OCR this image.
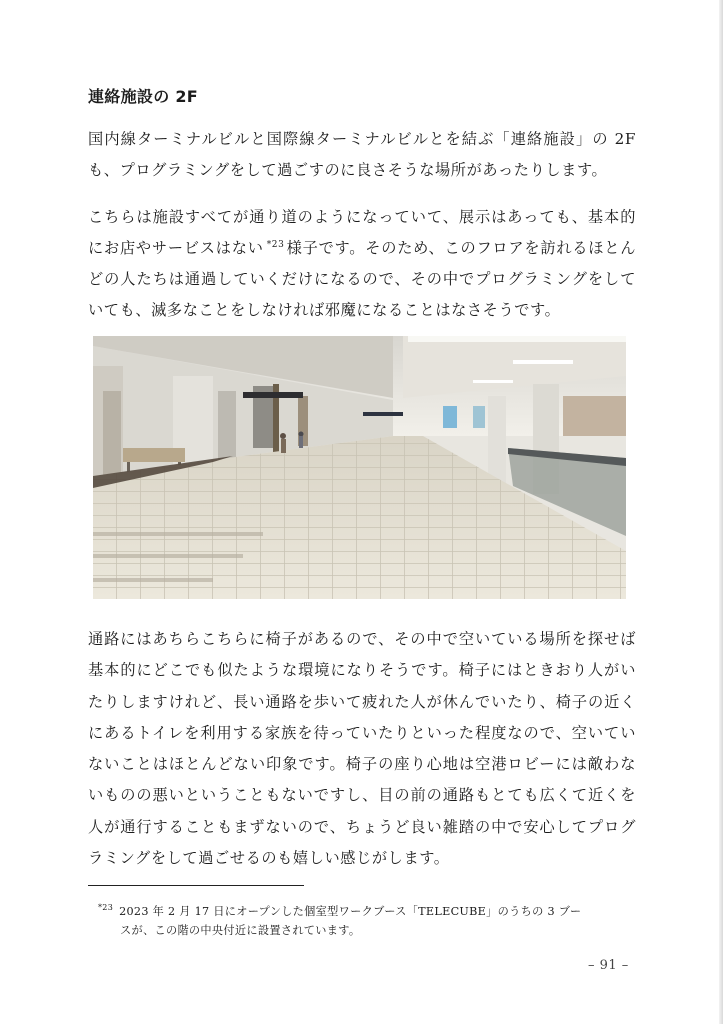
連絡施設の 2F

国内線ターミナルビルと国際線ターミナルビルとを結ぶ「連絡施設」の 2F も、プログラミングをして過ごすのに良さそうな場所があったりします。

こちらは施設すべてが通り道のようになっていて、展示はあっても、基本的にお店やサービスはない $^{*23}$ 様子です。そのため、このフロアを訪れるほとんどの人たちは通過していくだけになるので、その中でプログラミングをしていても、滅多なことをしなければ邪魔になることはなさそうです。

通路にはあちらこちらに椅子があるので、その中で空いている場所を探せば基本的にどこでも似たような環境になりそうです。椅子にはときおり人がいたりしますけれど、長い通路を歩いて疲れた人が休んでいたり、椅子の近くにあるトイレを利用する家族を待っていたりといった程度なので、空いていないことはほとんどない印象です。椅子の座り心地は空港ロビーには敵わないものの悪いということもないですし、目の前の通路もとても広くて近くを人が通行することもまずないので、ちょうど良い雑踏の中で安心してプログラミングをして過ごせるのも嬉しい感じがします。

$^{*23}$ 2023 年 2 月 17 日にオープンした個室型ワークブース「TELECUBE」のうちの 3 ブー
スが、この階の中央付近に設置されています。
– 91 –
